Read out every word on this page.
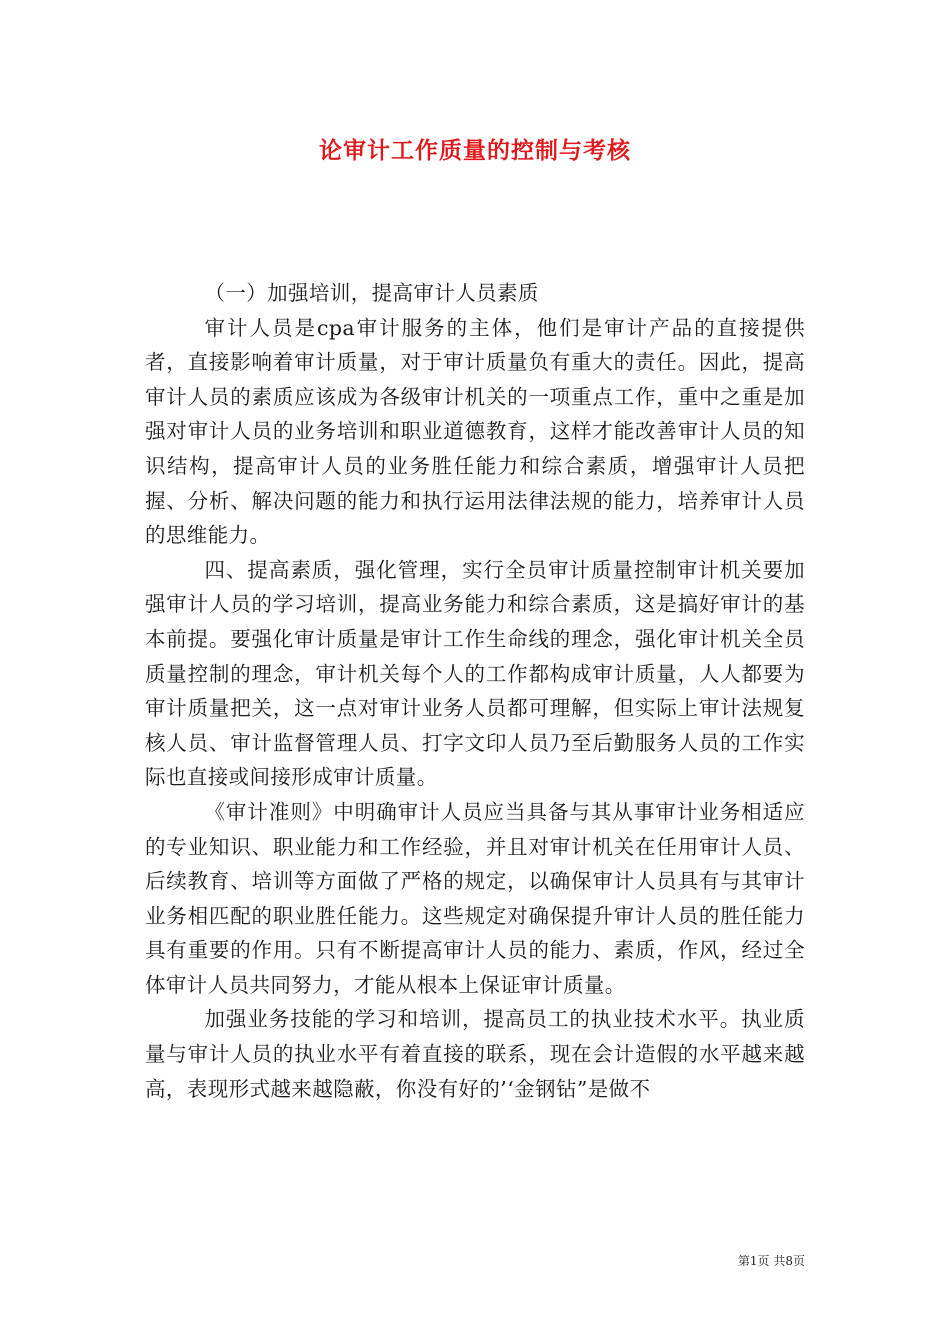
论审计工作质量的控制与考核

（一）加强培训，提高审计人员素质

审计人员是cpa审计服务的主体，他们是审计产品的直接提供者，直接影响着审计质量，对于审计质量负有重大的责任。因此，提高审计人员的素质应该成为各级审计机关的一项重点工作，重中之重是加强对审计人员的业务培训和职业道德教育，这样才能改善审计人员的知识结构，提高审计人员的业务胜任能力和综合素质，增强审计人员把握、分析、解决问题的能力和执行运用法律法规的能力，培养审计人员的思维能力。

四、提高素质，强化管理，实行全员审计质量控制审计机关要加强审计人员的学习培训，提高业务能力和综合素质，这是搞好审计的基本前提。要强化审计质量是审计工作生命线的理念，强化审计机关全员质量控制的理念，审计机关每个人的工作都构成审计质量，人人都要为审计质量把关，这一点对审计业务人员都可理解，但实际上审计法规复核人员、审计监督管理人员、打字文印人员乃至后勤服务人员的工作实际也直接或间接形成审计质量。

《审计准则》中明确审计人员应当具备与其从事审计业务相适应的专业知识、职业能力和工作经验，并且对审计机关在任用审计人员、后续教育、培训等方面做了严格的规定，以确保审计人员具有与其审计业务相匹配的职业胜任能力。这些规定对确保提升审计人员的胜任能力具有重要的作用。只有不断提高审计人员的能力、素质，作风，经过全体审计人员共同努力，才能从根本上保证审计质量。

加强业务技能的学习和培训，提高员工的执业技术水平。执业质量与审计人员的执业水平有着直接的联系，现在会计造假的水平越来越高，表现形式越来越隐蔽，你没有好的’‘金钢钻”是做不

第1页 共8页
